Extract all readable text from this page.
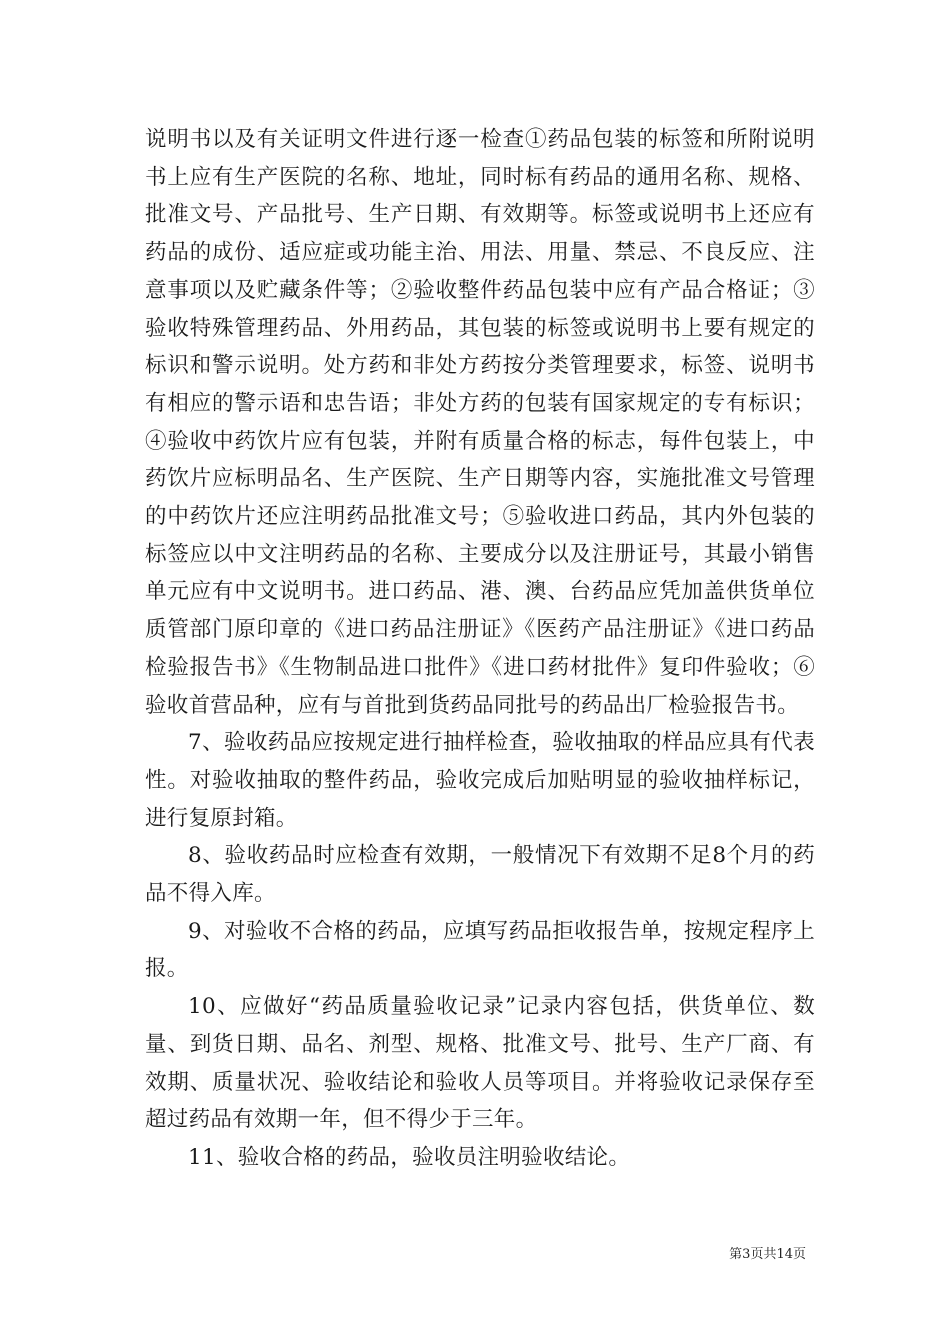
说明书以及有关证明文件进行逐一检查①药品包装的标签和所附说明书上应有生产医院的名称、地址，同时标有药品的通用名称、规格、批准文号、产品批号、生产日期、有效期等。标签或说明书上还应有药品的成份、适应症或功能主治、用法、用量、禁忌、不良反应、注意事项以及贮藏条件等；②验收整件药品包装中应有产品合格证；③验收特殊管理药品、外用药品，其包装的标签或说明书上要有规定的标识和警示说明。处方药和非处方药按分类管理要求，标签、说明书有相应的警示语和忠告语；非处方药的包装有国家规定的专有标识；④验收中药饮片应有包装，并附有质量合格的标志，每件包装上，中药饮片应标明品名、生产医院、生产日期等内容，实施批准文号管理的中药饮片还应注明药品批准文号；⑤验收进口药品，其内外包装的标签应以中文注明药品的名称、主要成分以及注册证号，其最小销售单元应有中文说明书。进口药品、港、澳、台药品应凭加盖供货单位质管部门原印章的《进口药品注册证》《医药产品注册证》《进口药品检验报告书》《生物制品进口批件》《进口药材批件》复印件验收；⑥验收首营品种，应有与首批到货药品同批号的药品出厂检验报告书。

7、验收药品应按规定进行抽样检查，验收抽取的样品应具有代表性。对验收抽取的整件药品，验收完成后加贴明显的验收抽样标记，进行复原封箱。

8、验收药品时应检查有效期，一般情况下有效期不足8个月的药品不得入库。

9、对验收不合格的药品，应填写药品拒收报告单，按规定程序上报。

10、应做好“药品质量验收记录”记录内容包括，供货单位、数量、到货日期、品名、剂型、规格、批准文号、批号、生产厂商、有效期、质量状况、验收结论和验收人员等项目。并将验收记录保存至超过药品有效期一年，但不得少于三年。

11、验收合格的药品，验收员注明验收结论。

第3页共14页
